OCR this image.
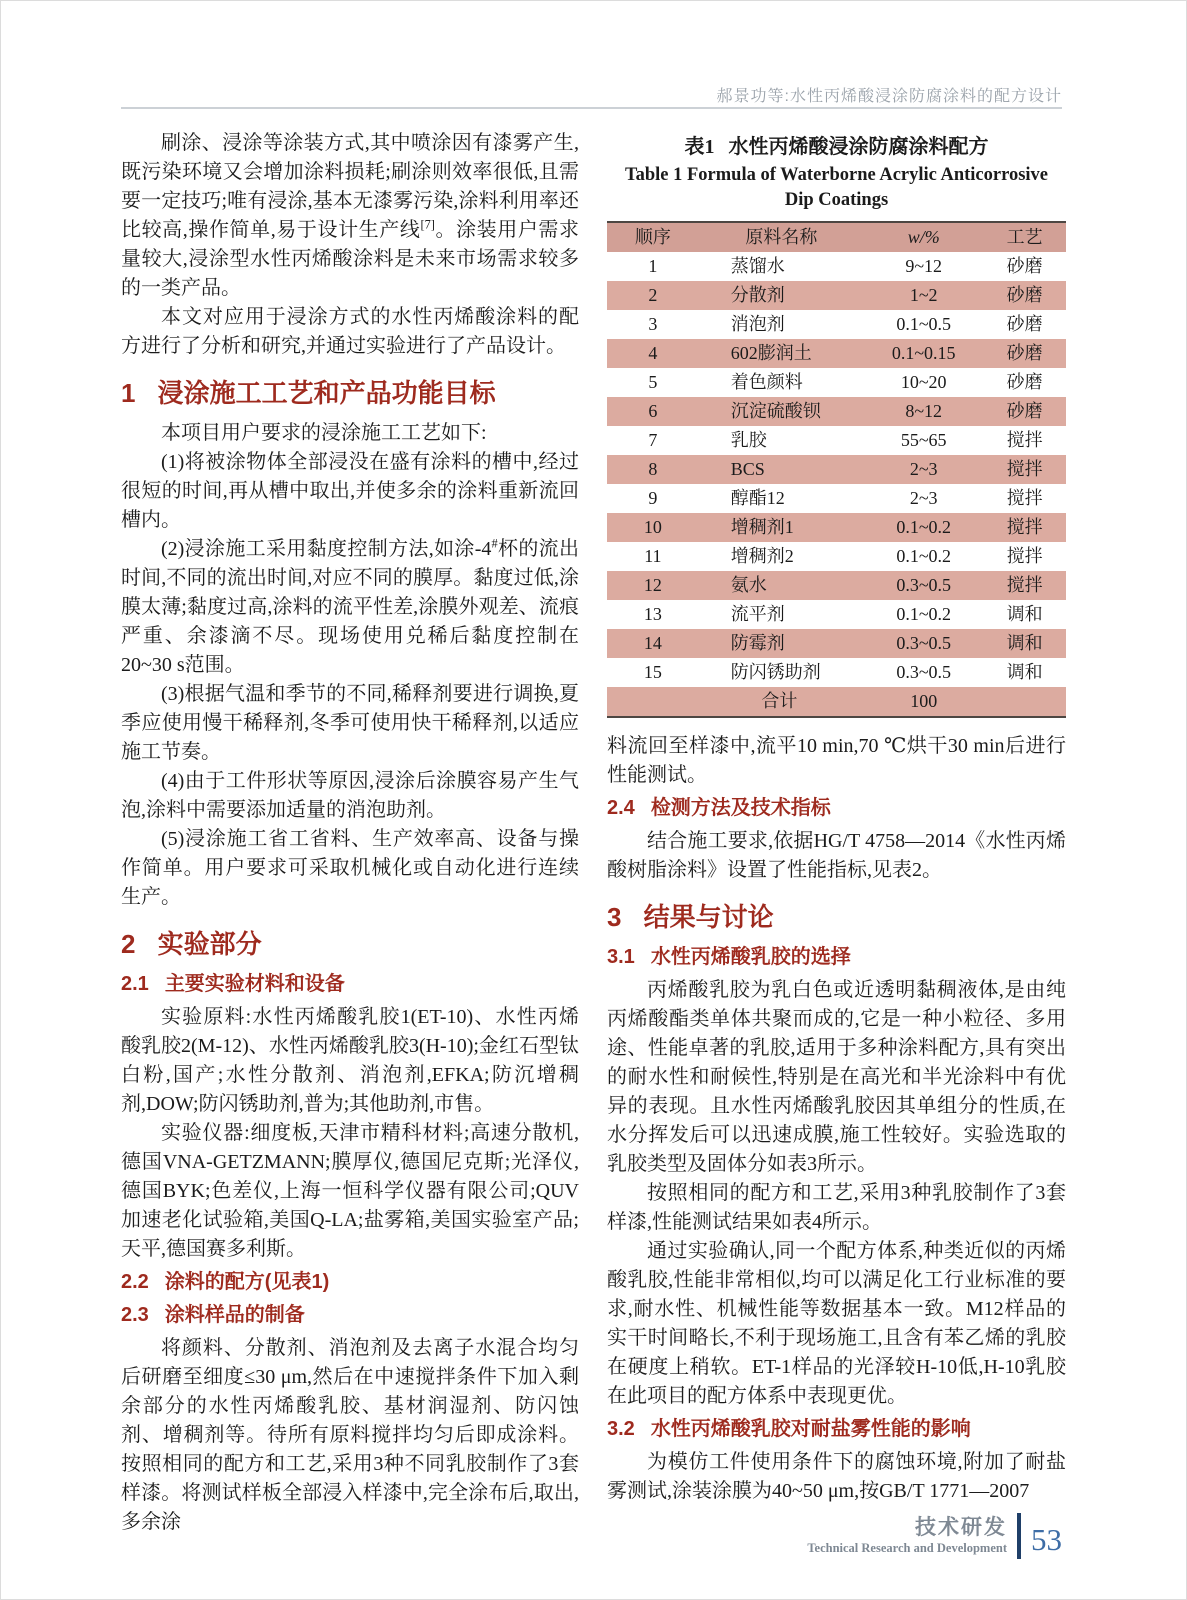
郝景功等:水性丙烯酸浸涂防腐涂料的配方设计

刷涂、浸涂等涂装方式,其中喷涂因有漆雾产生,既污染环境又会增加涂料损耗;刷涂则效率很低,且需要一定技巧;唯有浸涂,基本无漆雾污染,涂料利用率还比较高,操作简单,易于设计生产线[7]。涂装用户需求量较大,浸涂型水性丙烯酸涂料是未来市场需求较多的一类产品。

本文对应用于浸涂方式的水性丙烯酸涂料的配方进行了分析和研究,并通过实验进行了产品设计。

1 浸涂施工工艺和产品功能目标

本项目用户要求的浸涂施工工艺如下:

(1)将被涂物体全部浸没在盛有涂料的槽中,经过很短的时间,再从槽中取出,并使多余的涂料重新流回槽内。

(2)浸涂施工采用黏度控制方法,如涂-4#杯的流出时间,不同的流出时间,对应不同的膜厚。黏度过低,涂膜太薄;黏度过高,涂料的流平性差,涂膜外观差、流痕严重、余漆滴不尽。现场使用兑稀后黏度控制在20~30 s范围。

(3)根据气温和季节的不同,稀释剂要进行调换,夏季应使用慢干稀释剂,冬季可使用快干稀释剂,以适应施工节奏。

(4)由于工件形状等原因,浸涂后涂膜容易产生气泡,涂料中需要添加适量的消泡助剂。

(5)浸涂施工省工省料、生产效率高、设备与操作简单。用户要求可采取机械化或自动化进行连续生产。

2 实验部分
2.1 主要实验材料和设备

实验原料:水性丙烯酸乳胶1(ET-10)、水性丙烯酸乳胶2(M-12)、水性丙烯酸乳胶3(H-10);金红石型钛白粉,国产;水性分散剂、消泡剂,EFKA;防沉增稠剂,DOW;防闪锈助剂,普为;其他助剂,市售。

实验仪器:细度板,天津市精科材料;高速分散机,德国VNA-GETZMANN;膜厚仪,德国尼克斯;光泽仪,德国BYK;色差仪,上海一恒科学仪器有限公司;QUV加速老化试验箱,美国Q-LA;盐雾箱,美国实验室产品;天平,德国赛多利斯。

2.2 涂料的配方(见表1)
2.3 涂料样品的制备

将颜料、分散剂、消泡剂及去离子水混合均匀后研磨至细度≤30 μm,然后在中速搅拌条件下加入剩余部分的水性丙烯酸乳胶、基材润湿剂、防闪蚀剂、增稠剂等。待所有原料搅拌均匀后即成涂料。按照相同的配方和工艺,采用3种不同乳胶制作了3套样漆。将测试样板全部浸入样漆中,完全涂布后,取出,多余涂

表1 水性丙烯酸浸涂防腐涂料配方
Table 1 Formula of Waterborne Acrylic Anticorrosive
Dip Coatings
顺序	原料名称	w/%	工艺
1	蒸馏水	9~12	砂磨
2	分散剂	1~2	砂磨
3	消泡剂	0.1~0.5	砂磨
4	602膨润土	0.1~0.15	砂磨
5	着色颜料	10~20	砂磨
6	沉淀硫酸钡	8~12	砂磨
7	乳胶	55~65	搅拌
8	BCS	2~3	搅拌
9	醇酯12	2~3	搅拌
10	增稠剂1	0.1~0.2	搅拌
11	增稠剂2	0.1~0.2	搅拌
12	氨水	0.3~0.5	搅拌
13	流平剂	0.1~0.2	调和
14	防霉剂	0.3~0.5	调和
15	防闪锈助剂	0.3~0.5	调和
	合计	100	

料流回至样漆中,流平10 min,70 ℃烘干30 min后进行性能测试。

2.4 检测方法及技术指标

结合施工要求,依据HG/T 4758—2014《水性丙烯酸树脂涂料》设置了性能指标,见表2。

3 结果与讨论
3.1 水性丙烯酸乳胶的选择

丙烯酸乳胶为乳白色或近透明黏稠液体,是由纯丙烯酸酯类单体共聚而成的,它是一种小粒径、多用途、性能卓著的乳胶,适用于多种涂料配方,具有突出的耐水性和耐候性,特别是在高光和半光涂料中有优异的表现。且水性丙烯酸乳胶因其单组分的性质,在水分挥发后可以迅速成膜,施工性较好。实验选取的乳胶类型及固体分如表3所示。

按照相同的配方和工艺,采用3种乳胶制作了3套样漆,性能测试结果如表4所示。

通过实验确认,同一个配方体系,种类近似的丙烯酸乳胶,性能非常相似,均可以满足化工行业标准的要求,耐水性、机械性能等数据基本一致。M12样品的实干时间略长,不利于现场施工,且含有苯乙烯的乳胶在硬度上稍软。ET-1样品的光泽较H-10低,H-10乳胶在此项目的配方体系中表现更优。

3.2 水性丙烯酸乳胶对耐盐雾性能的影响

为模仿工件使用条件下的腐蚀环境,附加了耐盐雾测试,涂装涂膜为40~50 μm,按GB/T 1771—2007

技术研发
Technical Research and Development 53
